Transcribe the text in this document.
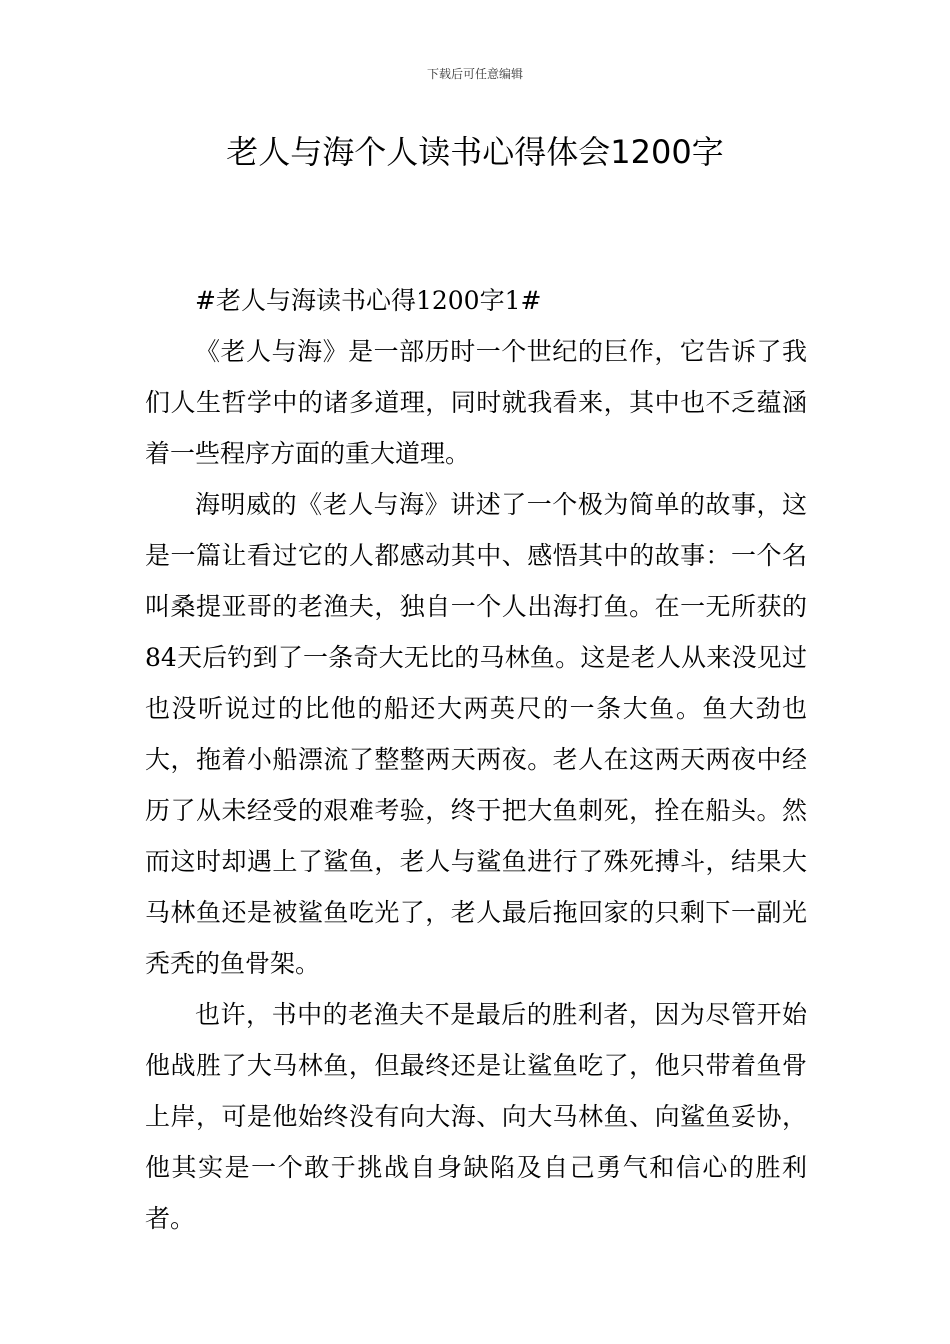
下载后可任意编辑
老人与海个人读书心得体会1200字

#老人与海读书心得1200字1#

《老人与海》是一部历时一个世纪的巨作，它告诉了我们人生哲学中的诸多道理，同时就我看来，其中也不乏蕴涵着一些程序方面的重大道理。

海明威的《老人与海》讲述了一个极为简单的故事，这是一篇让看过它的人都感动其中、感悟其中的故事：一个名叫桑提亚哥的老渔夫，独自一个人出海打鱼。在一无所获的84天后钓到了一条奇大无比的马林鱼。这是老人从来没见过也没听说过的比他的船还大两英尺的一条大鱼。鱼大劲也大，拖着小船漂流了整整两天两夜。老人在这两天两夜中经历了从未经受的艰难考验，终于把大鱼刺死，拴在船头。然而这时却遇上了鲨鱼，老人与鲨鱼进行了殊死搏斗，结果大马林鱼还是被鲨鱼吃光了，老人最后拖回家的只剩下一副光秃秃的鱼骨架。

也许，书中的老渔夫不是最后的胜利者，因为尽管开始他战胜了大马林鱼，但最终还是让鲨鱼吃了，他只带着鱼骨上岸，可是他始终没有向大海、向大马林鱼、向鲨鱼妥协，他其实是一个敢于挑战自身缺陷及自己勇气和信心的胜利者。
